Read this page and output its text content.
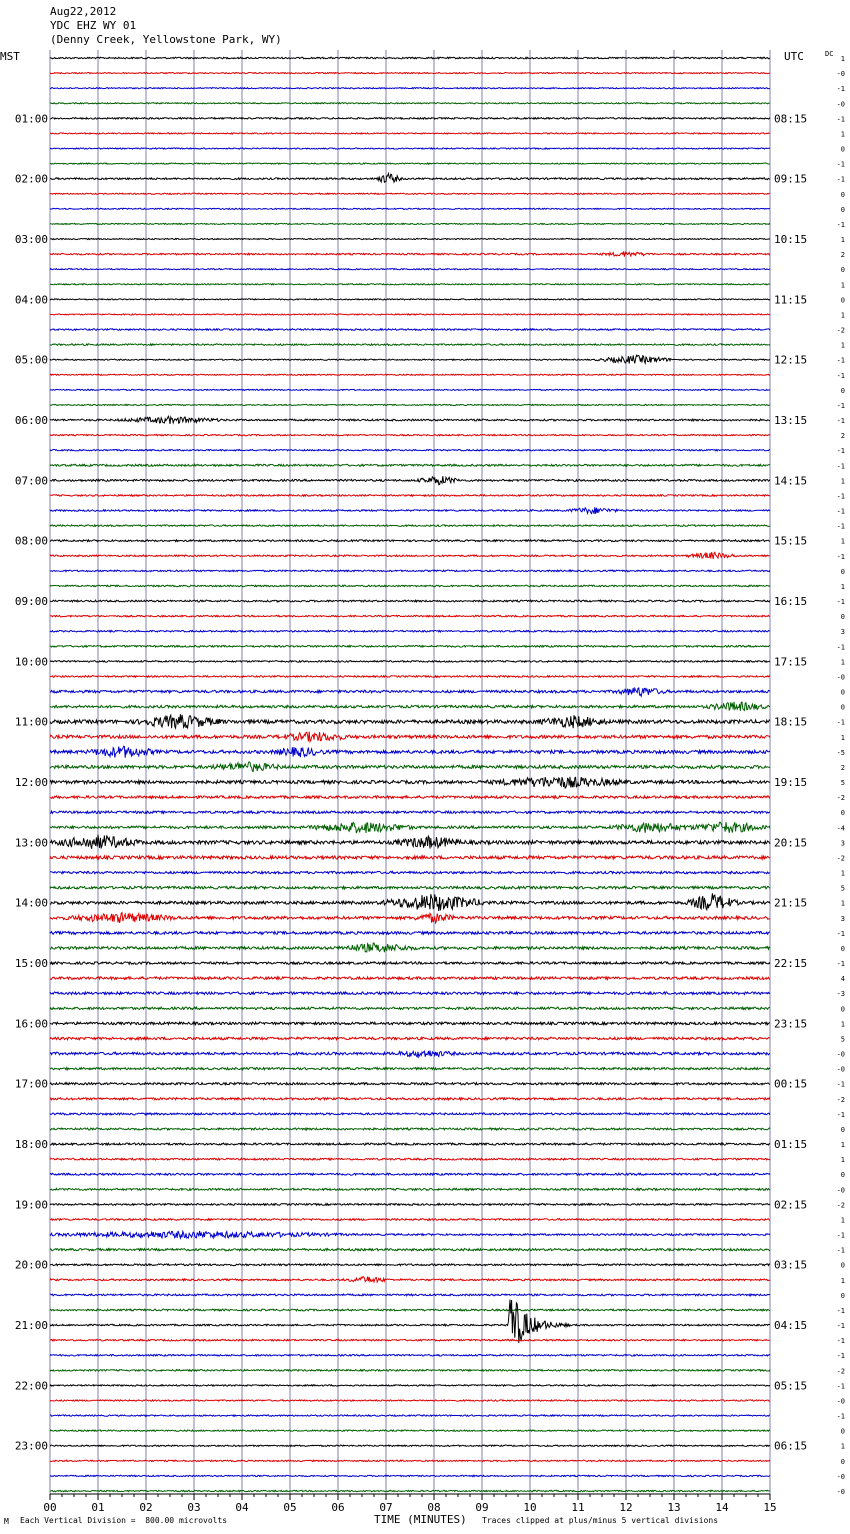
Aug22,2012
YDC EHZ WY 01
(Denny Creek, Yellowstone Park, WY)
01:00
02:00
03:00
04:00
05:00
06:00
07:00
08:00
09:00
10:00
11:00
12:00
13:00
14:00
15:00
16:00
17:00
18:00
19:00
20:00
21:00
22:00
23:00
08:15
09:15
10:15
11:15
12:15
13:15
14:15
15:15
16:15
17:15
18:15
19:15
20:15
21:15
22:15
23:15
00:15
01:15
02:15
03:15
04:15
05:15
06:15
MST	UTC	DC
1
-0
-1
-0
-1
1
0
-1
-1
0
0
-1
1
2
0
1
0
1
-2
1
-1
-1
0
-1
-1
2
-1
-1
1
-1
-1
-1
1
-1
0
1
-1
0
3
-1
1
-0
0
0
-1
1
-5
2
5
-2
0
-4
3
-2
1
5
1
3
-1
0
-1
4
-3
0
1
5
-0
-0
-1
-2
-1
0
1
1
0
-0
-2
1
-1
-1
0
1
0
-1
-1
-1
-1
-2
-1
-0
-1
0
1
0
-0
-0
00	01	02	03	04	05	06	07	08	09	10	11	12	13	14	15
M Each Vertical Division =  800.00 microvolts	TIME (MINUTES) Traces clipped at plus/minus 5 vertical divisions
